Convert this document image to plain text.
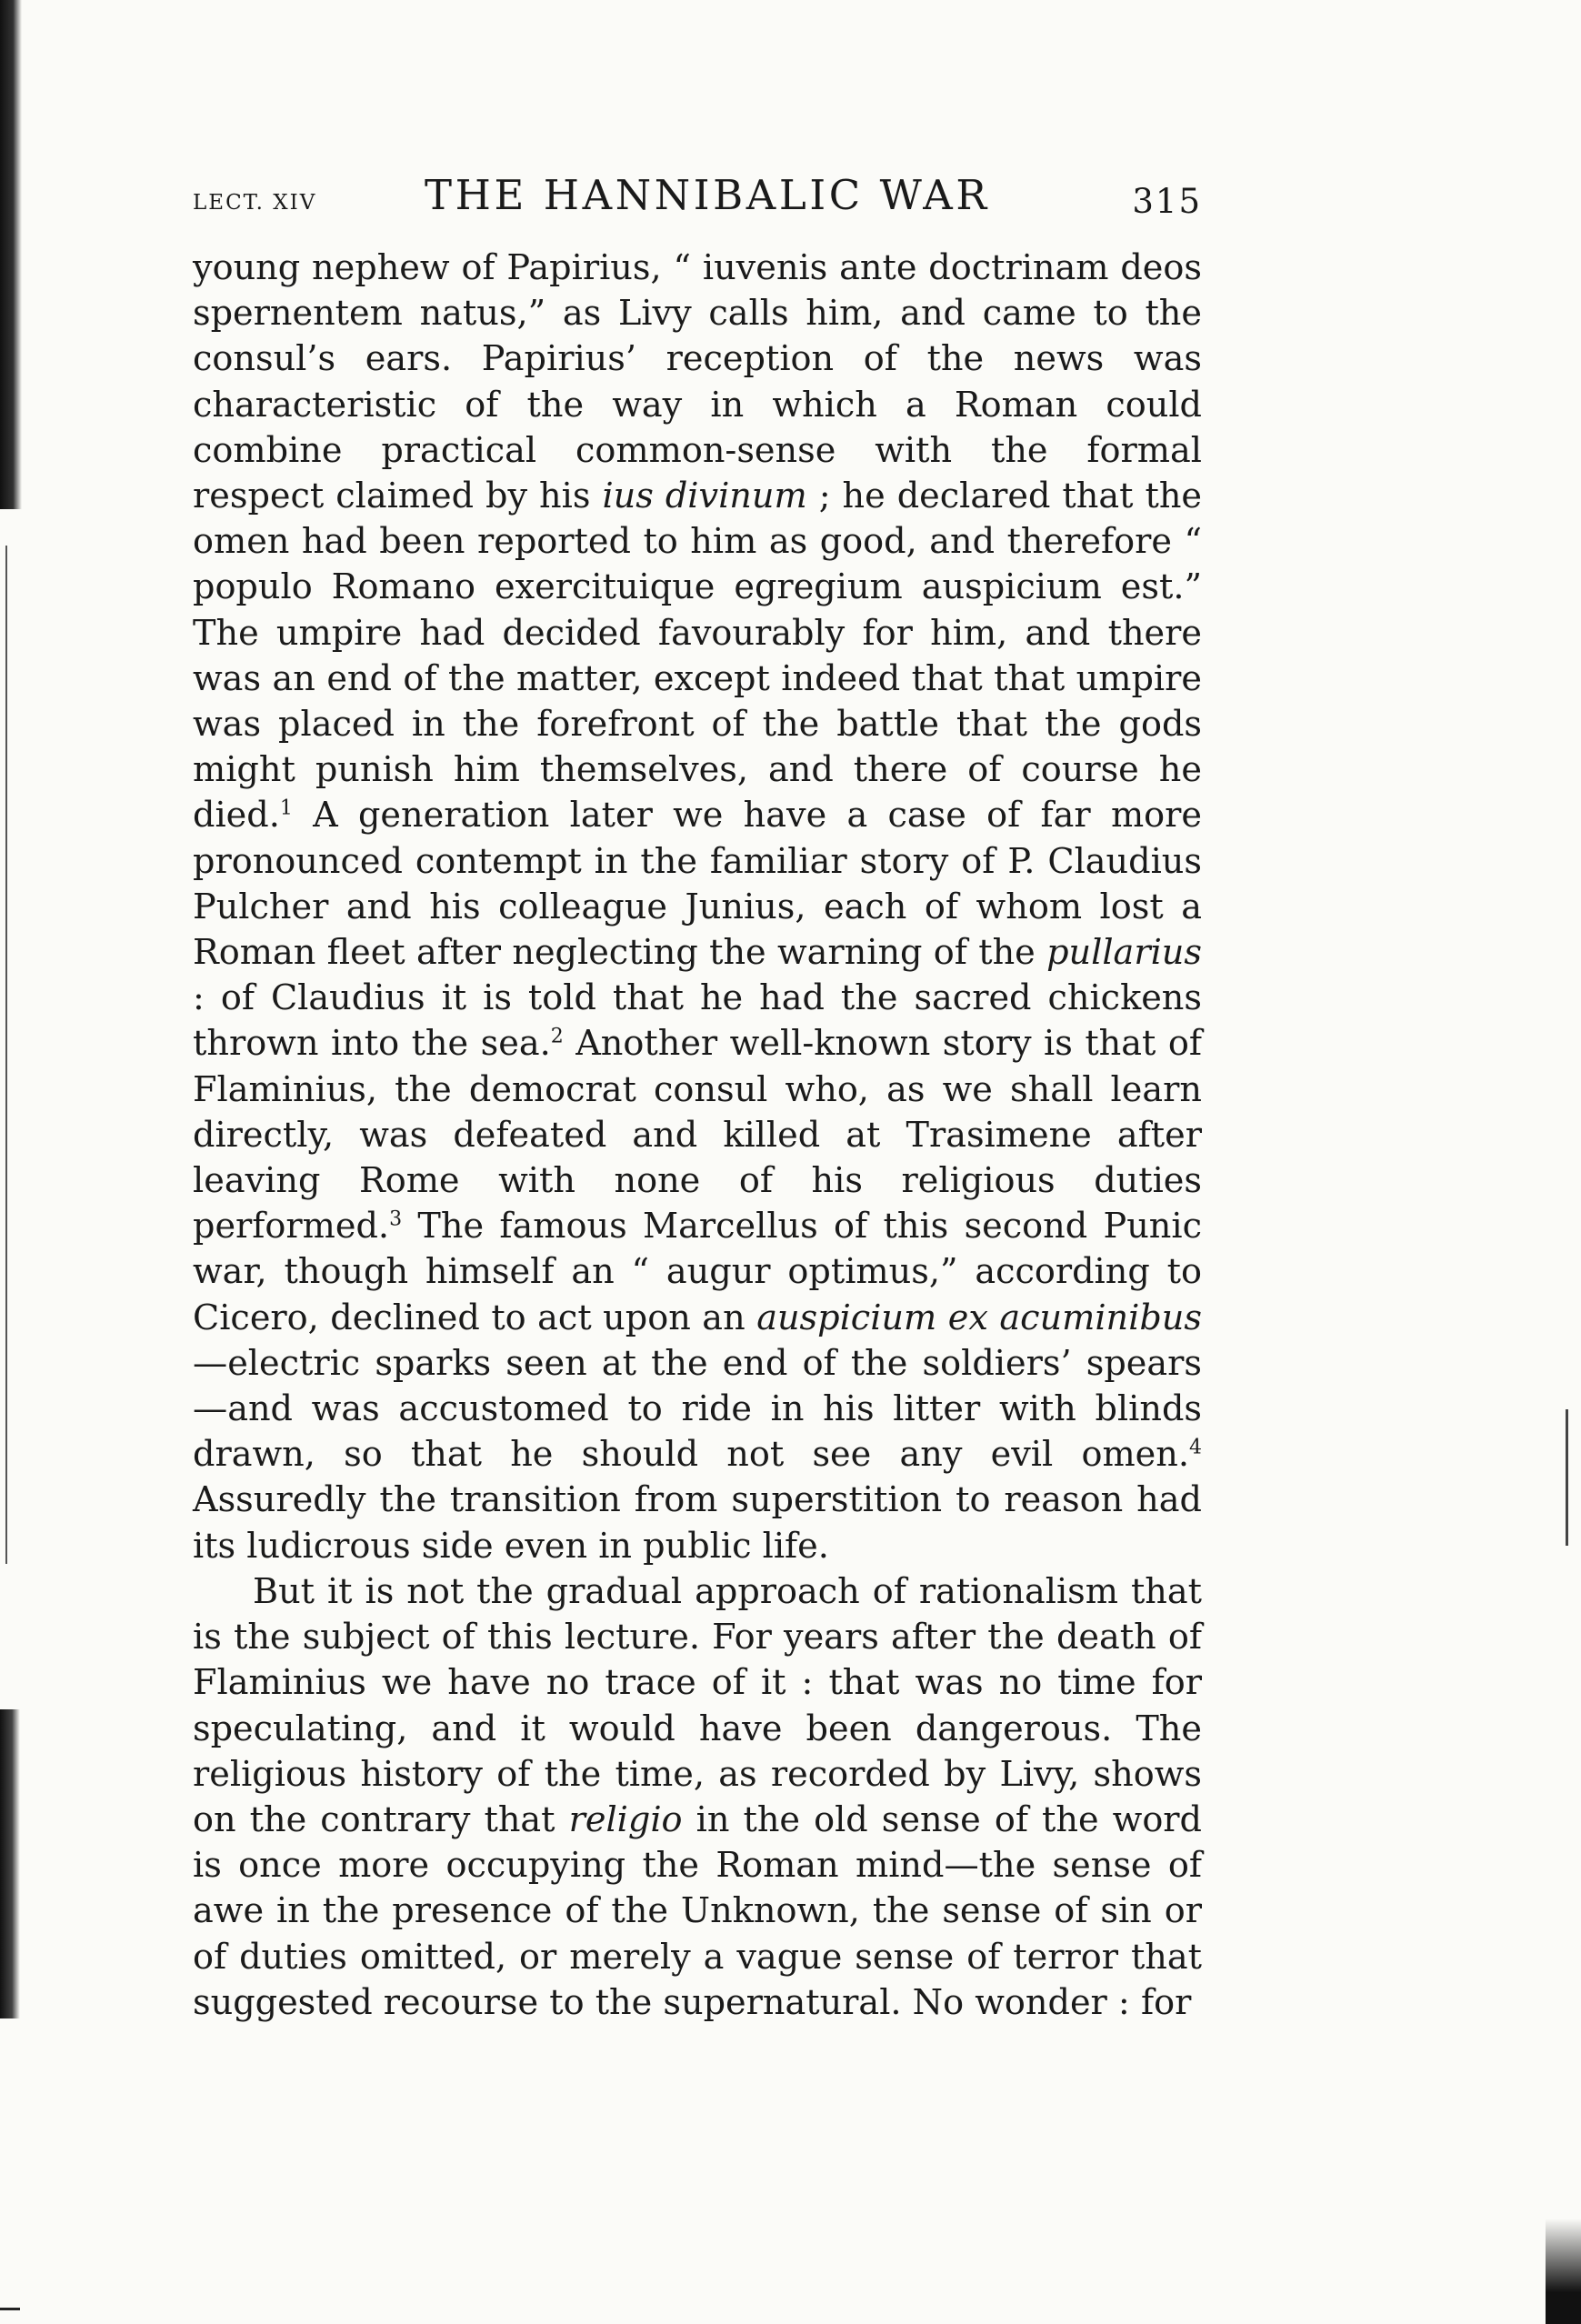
LECT. XIV	THE HANNIBALIC WAR	315

young nephew of Papirius, “ iuvenis ante doctrinam deos spernentem natus,” as Livy calls him, and came to the consul’s ears. Papirius’ reception of the news was characteristic of the way in which a Roman could combine practical common-sense with the formal respect claimed by his ius divinum ; he declared that the omen had been reported to him as good, and therefore “ populo Romano exercituique egregium auspicium est.” The umpire had decided favourably for him, and there was an end of the matter, except indeed that that umpire was placed in the forefront of the battle that the gods might punish him themselves, and there of course he died.$^1$ A generation later we have a case of far more pronounced contempt in the familiar story of P. Claudius Pulcher and his colleague Junius, each of whom lost a Roman fleet after neglecting the warning of the pullarius : of Claudius it is told that he had the sacred chickens thrown into the sea.$^2$ Another well-known story is that of Flaminius, the democrat consul who, as we shall learn directly, was defeated and killed at Trasimene after leaving Rome with none of his religious duties performed.$^3$ The famous Marcellus of this second Punic war, though himself an “ augur optimus,” according to Cicero, declined to act upon an auspicium ex acuminibus—electric sparks seen at the end of the soldiers’ spears—and was accustomed to ride in his litter with blinds drawn, so that he should not see any evil omen.$^4$ Assuredly the transition from superstition to reason had its ludicrous side even in public life.

But it is not the gradual approach of rationalism that is the subject of this lecture. For years after the death of Flaminius we have no trace of it : that was no time for speculating, and it would have been dangerous. The religious history of the time, as recorded by Livy, shows on the contrary that religio in the old sense of the word is once more occupying the Roman mind—the sense of awe in the presence of the Unknown, the sense of sin or of duties omitted, or merely a vague sense of terror that suggested recourse to the supernatural. No wonder : for
